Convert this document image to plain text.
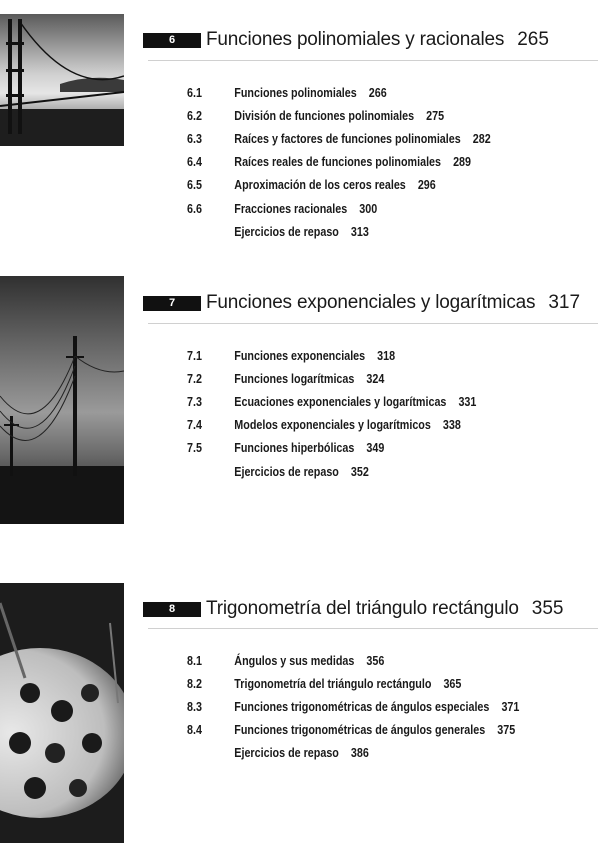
6	Funciones polinomiales y racionales 265
6.1	Funciones polinomiales 266
6.2	División de funciones polinomiales 275
6.3	Raíces y factores de funciones polinomiales 282
6.4	Raíces reales de funciones polinomiales 289
6.5	Aproximación de los ceros reales 296
6.6	Fracciones racionales 300
Ejercicios de repaso 313
7	Funciones exponenciales y logarítmicas 317
7.1	Funciones exponenciales 318
7.2	Funciones logarítmicas 324
7.3	Ecuaciones exponenciales y logarítmicas 331
7.4	Modelos exponenciales y logarítmicos 338
7.5	Funciones hiperbólicas 349
Ejercicios de repaso 352
8	Trigonometría del triángulo rectángulo 355
8.1	Ángulos y sus medidas 356
8.2	Trigonometría del triángulo rectángulo 365
8.3	Funciones trigonométricas de ángulos especiales 371
8.4	Funciones trigonométricas de ángulos generales 375
Ejercicios de repaso 386
